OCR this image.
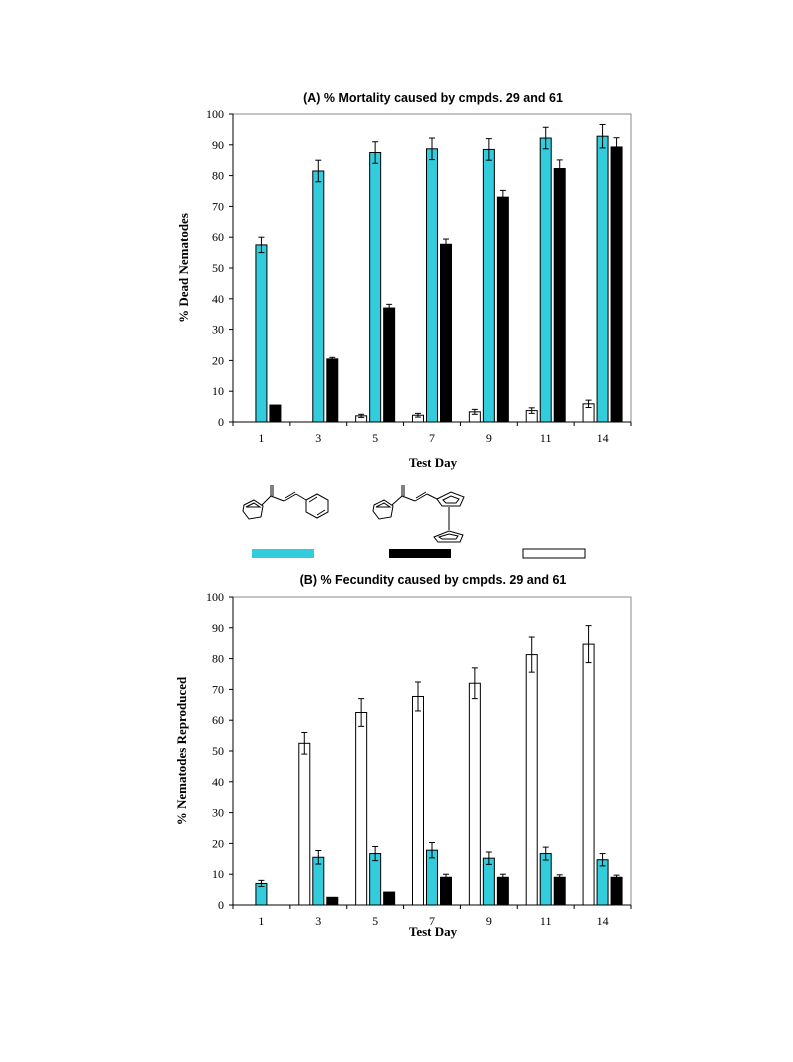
(A) % Mortality caused by cmpds. 29 and 61
% Dead Nematodes
Test Day
0
10
20
30
40
50
60
70
80
90
100
1	3	5	7	9	11	14
(B) % Fecundity caused by cmpds. 29 and 61
% Nematodes Reproduced
Test Day
0
10
20
30
40
50
60
70
80
90
100
1	3	5	7	9	11	14
